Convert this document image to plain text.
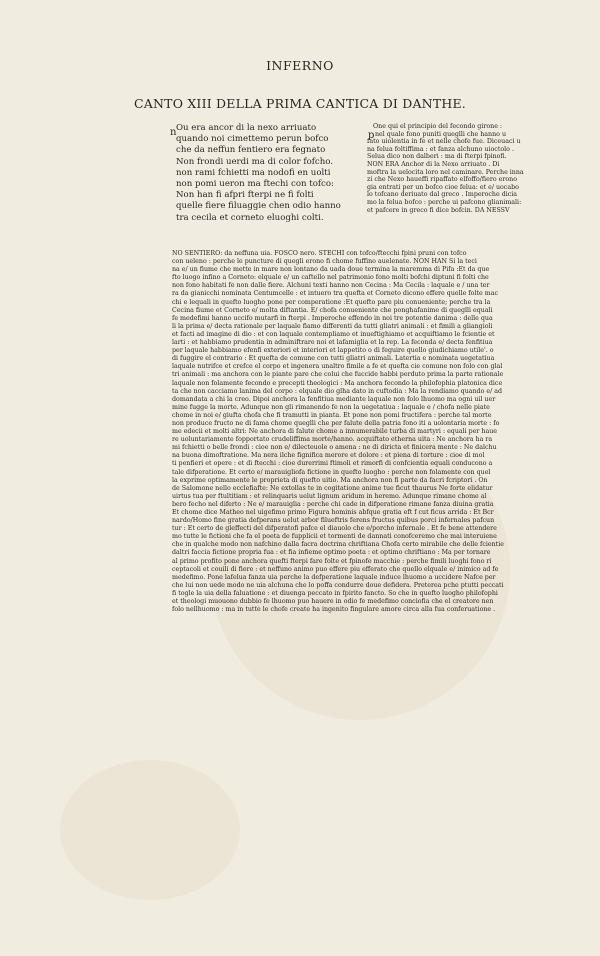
INFERNO
CANTO XIII DELLA PRIMA CANTICA DI DANTHE.
n	p
Ou era ancor di la nexo arriuato
quando noi cimettemo perun bofco
che da neffun fentiero era fegnato
Non frondi uerdi ma di color fofcho.
non rami fchietti ma nodofi en uolti
non pomi ueron ma ftechi con tofco:
Non han fi afpri fterpi ne fi folti
quelle fiere filuaggie chen odio hanno
tra cecila et corneto eluoghi colti.
One qui el principio del fecondo girone :
nel quale fono puniti queglli che hanno u
fato uiolentia in fe et nelle chofe fue. Diceuaci u
na felua foltiffima : et fanza alchuno uioctolo .
Selua dico non dalberi : ma di fterpi fpinofi.
NON ERA Anchor di la Nexo arriuato . Di
moftra la uelocita loro nel caminare. Perche inna
zi che Nexo haueffi ripaffato elfoffo/fiero erono
gia entrati per un bofco cioe felua: et e/ uocabo
lo tofcano deriuato dal greco . Imperoche dicia
mo la felua bofco : perche ui pafcono glianimali:
et pafcere in greco fi dice bofcin. DA NESSV
NO SENTIERO: da neffuna uia. FOSCO nero. STECHI con tofco/ftecchi fpini pruni con tofco
con ueleno : perche le puncture di quegli erono fi chome fuffino auelenate. NON HAN Si la teci
na e/ un fiume che mette in mare non lontano da uada doue termina la maremma di Pifa :Et da que
fto luogo infino a Corneto: elquale e/ un caftello nel patrimonio fono molti bofchi diptuni fi folti che
non fono habitati fe non dalle fiere. Alchuni texti hanno non Cecina : Ma Cecila : laquale e / una ter
ra da gianicchi nominata Centumcelle : et intuero tra quefta et Corneto dicono effere quelle folte mac
chi e lequali in quefto luogho pone per comperatione :Et quefto pare piu conueniente; perche tra la
Cecina fiume et Corneto e/ molta diftantia. E/ chofa conueniente che ponghafanime di queglli equali
fe medefimi hanno uccifo mutarfi in fterpi . Imperoche effendo in noi tre potentie danima : delle qua
li la prima e/ decta rationale per laquale fiamo differenti da tutti gliatri animali : et fimili a gliangioli
et facti ad imagine di dio : et con laquale contempliamo et inueftighiamo et acquiftiamo le fcientie et
larti : et habbiamo prudentia in adminiftrare noi et lafamiglia et la rep. La feconda e/ decta fenfitiua
per laquale habbiamo efenfi exteriori et interiori et lappetito o di feguire quello giudichiamo utile'. o
di fuggire el contrario : Et quefta de comune con tutti gliatri animali. Latertia e nominata uegetatiua
laquale nutrifce et crefce el corpo et ingenera unaltro fimile a fe et quefta cie comune non folo con glal
tri animali : ma anchora con le piante pare che colui che fuccide habbi perduto prima la parte rationale
laquale non folamente fecondo e precepti theologici : Ma anchora fecondo la philofophia platonica dice
ta che non cacciamo lanima del corpo : elquale dio glha dato in cuftodia : Ma la rendiamo quando e/ ad
domandata a chi la creo. Dipoi anchora la fenfitiua mediante laquale non folo lhuomo ma ogni uil uer
mine fugge la morte. Adunque non gli rimanendo fe non la uegetatiua : laquale e / chofa nelle piate
chome in noi e/ giufta chofa che fi tramutti in pianta. Et pone non pomi fructifera : perche tal morte
non produce fructo ne di fama chome queglli che per falute della patria fono iti a uolontaria morte : fo
me edecii et molti altri: Ne anchora di falute chome a innumerabile turba di martyri : equali per haue
re uoluntariamente fopportato crudeliffima morte/hanno. acquiftato etherna uita : Ne anchora ha ra
mi fchietti o belle frondi : cioe non e/ dilecteuole o amena : ne di diricta et finicera mente : Ne dalchu
na buona dimoftratione. Ma nera ilche fignifica merore et dolore : et piena di torture : cioe di mol
ti penfieri et opere : et di ftecchi : cioe durerrimi ftimoli et rimorfi di confcientia equali conducono a
tale difperatione. Et certo e/ marauigliofa fictione in quefto luogho : perche non folamente con quel
la exprime optimamente le proprieta di quefto uitio. Ma anchora non fi parte da facri fcriptori . On
de Salomone nello ecclefiafte: Ne extollas te in cogitatione anime tue ficut thaurus Ne forte elidatur
uirtus tua per ftultitiam : et relinquaris uelut lignum aridum in heremo. Adunque rimane chome al
bero fecho nel diferto : Ne e/ marauiglia : perche chi cade in difperatione rimane fanza diuina gratia
Et chome dice Matheo nel uigefimo primo Figura hominis abfque gratia eft f cut ficus arrida : Et Bcr
nardo/Homo fine gratia defperans uelut arbor filueftris ferens fructus quibus porci infernales pafcun
tur : Et certo de gleffecti del difperatofi pafce el diauolo che e/porcho infernale . Et fe bene attendere
mo tutte le fictioni che fa el poeta de fupplicii et tormenti de dannati conofceremo che mai interuiene
che in qualche modo non nafchino dalla facra doctrina chriftiana Chofa certo mirabile che delle fcientie
daltri faccia fictione propria fua : et fia infieme optimo poeta : et optimo chriftiano : Ma per tornare
al primo profito pone anchora quefti fterpi fare folte et fpinofe macchie : perche fimili luoghi fono ri
ceptacoli et couili di fiere : et neffuno animo puo effere piu efferato che quello elquale e/ inimico ad fe
medefimo. Pone lafelua fanza uia perche la defperatione laquale induce lhuomo a uccidere Nafce per
che lui non uede modo ne uia alchuna che lo poffa condurre doue defidera. Preterea pche ptutti peccati
fi togle la uia della faluatione : et diuenga peccato in fpirito fancto. So che in quefto luogho philofophi
et theologi muouono dubbio fe lhuomo puo hauere in odio fe medefimo conciofia che el creatore nen
folo nellhuomo : ma in tutte le chofe create ha ingenito fingulare amore circa alla fua conferuatione .
